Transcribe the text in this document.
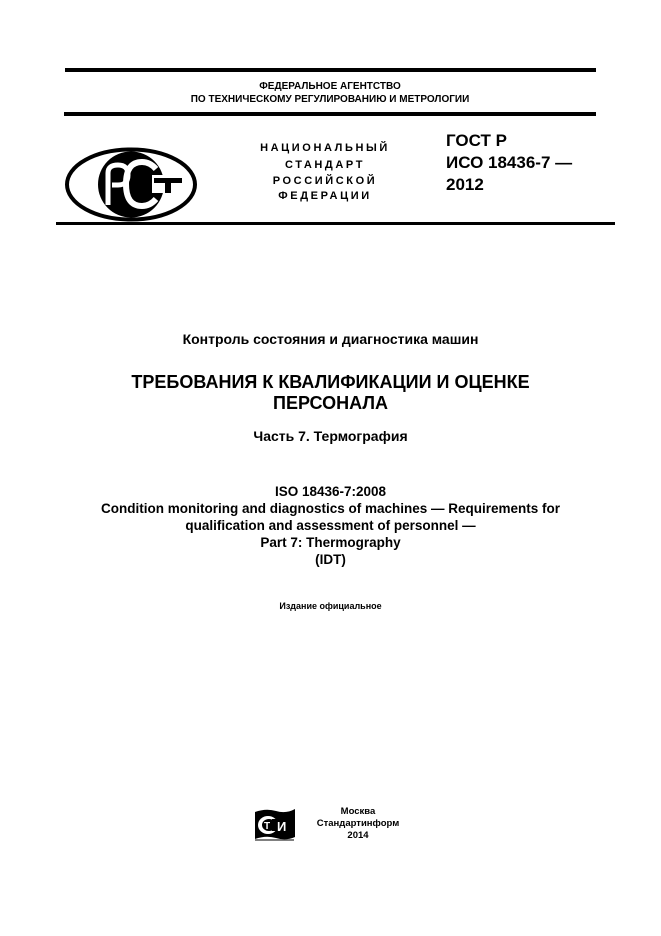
ФЕДЕРАЛЬНОЕ АГЕНТСТВО
ПО ТЕХНИЧЕСКОМУ РЕГУЛИРОВАНИЮ И МЕТРОЛОГИИ
НАЦИОНАЛЬНЫЙ
СТАНДАРТ
РОССИЙСКОЙ
ФЕДЕРАЦИИ
ГОСТ Р
ИСО 18436-7 —
2012
Контроль состояния и диагностика машин
ТРЕБОВАНИЯ К КВАЛИФИКАЦИИ И ОЦЕНКЕ
ПЕРСОНАЛА
Часть 7. Термография
ISO 18436-7:2008
Condition monitoring and diagnostics of machines — Requirements for
qualification and assessment of personnel —
Part 7: Thermography
(IDT)
Издание официальное
И
Т
Москва
Стандартинформ
2014
